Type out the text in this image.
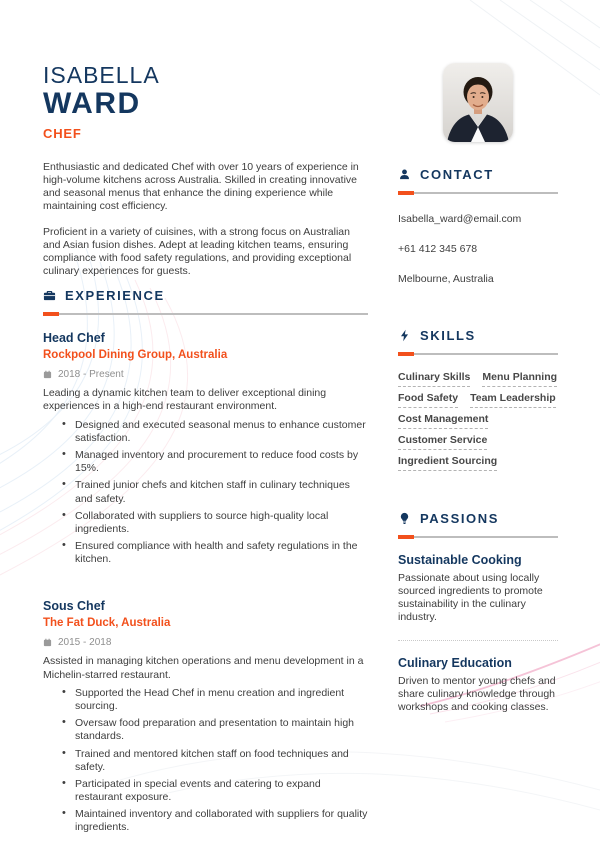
ISABELLA
WARD
CHEF

Enthusiastic and dedicated Chef with over 10 years of experience in high-volume kitchens across Australia. Skilled in creating innovative and seasonal menus that enhance the dining experience while maintaining cost efficiency.

Proficient in a variety of cuisines, with a strong focus on Australian and Asian fusion dishes. Adept at leading kitchen teams, ensuring compliance with food safety regulations, and providing exceptional culinary experiences for guests.

EXPERIENCE
Head Chef
Rockpool Dining Group, Australia
2018 - Present
Leading a dynamic kitchen team to deliver exceptional dining experiences in a high-end restaurant environment.
• Designed and executed seasonal menus to enhance customer satisfaction.
• Managed inventory and procurement to reduce food costs by 15%.
• Trained junior chefs and kitchen staff in culinary techniques and safety.
• Collaborated with suppliers to source high-quality local ingredients.
• Ensured compliance with health and safety regulations in the kitchen.
Sous Chef
The Fat Duck, Australia
2015 - 2018
Assisted in managing kitchen operations and menu development in a Michelin-starred restaurant.
• Supported the Head Chef in menu creation and ingredient sourcing.
• Oversaw food preparation and presentation to maintain high standards.
• Trained and mentored kitchen staff on food techniques and safety.
• Participated in special events and catering to expand restaurant exposure.
• Maintained inventory and collaborated with suppliers for quality ingredients.
CONTACT
Isabella_ward@email.com
+61 412 345 678
Melbourne, Australia
SKILLS
Culinary Skills Menu Planning
Food Safety Team Leadership
Cost Management
Customer Service
Ingredient Sourcing
PASSIONS
Sustainable Cooking
Passionate about using locally sourced ingredients to promote sustainability in the culinary industry.
Culinary Education
Driven to mentor young chefs and share culinary knowledge through workshops and cooking classes.
